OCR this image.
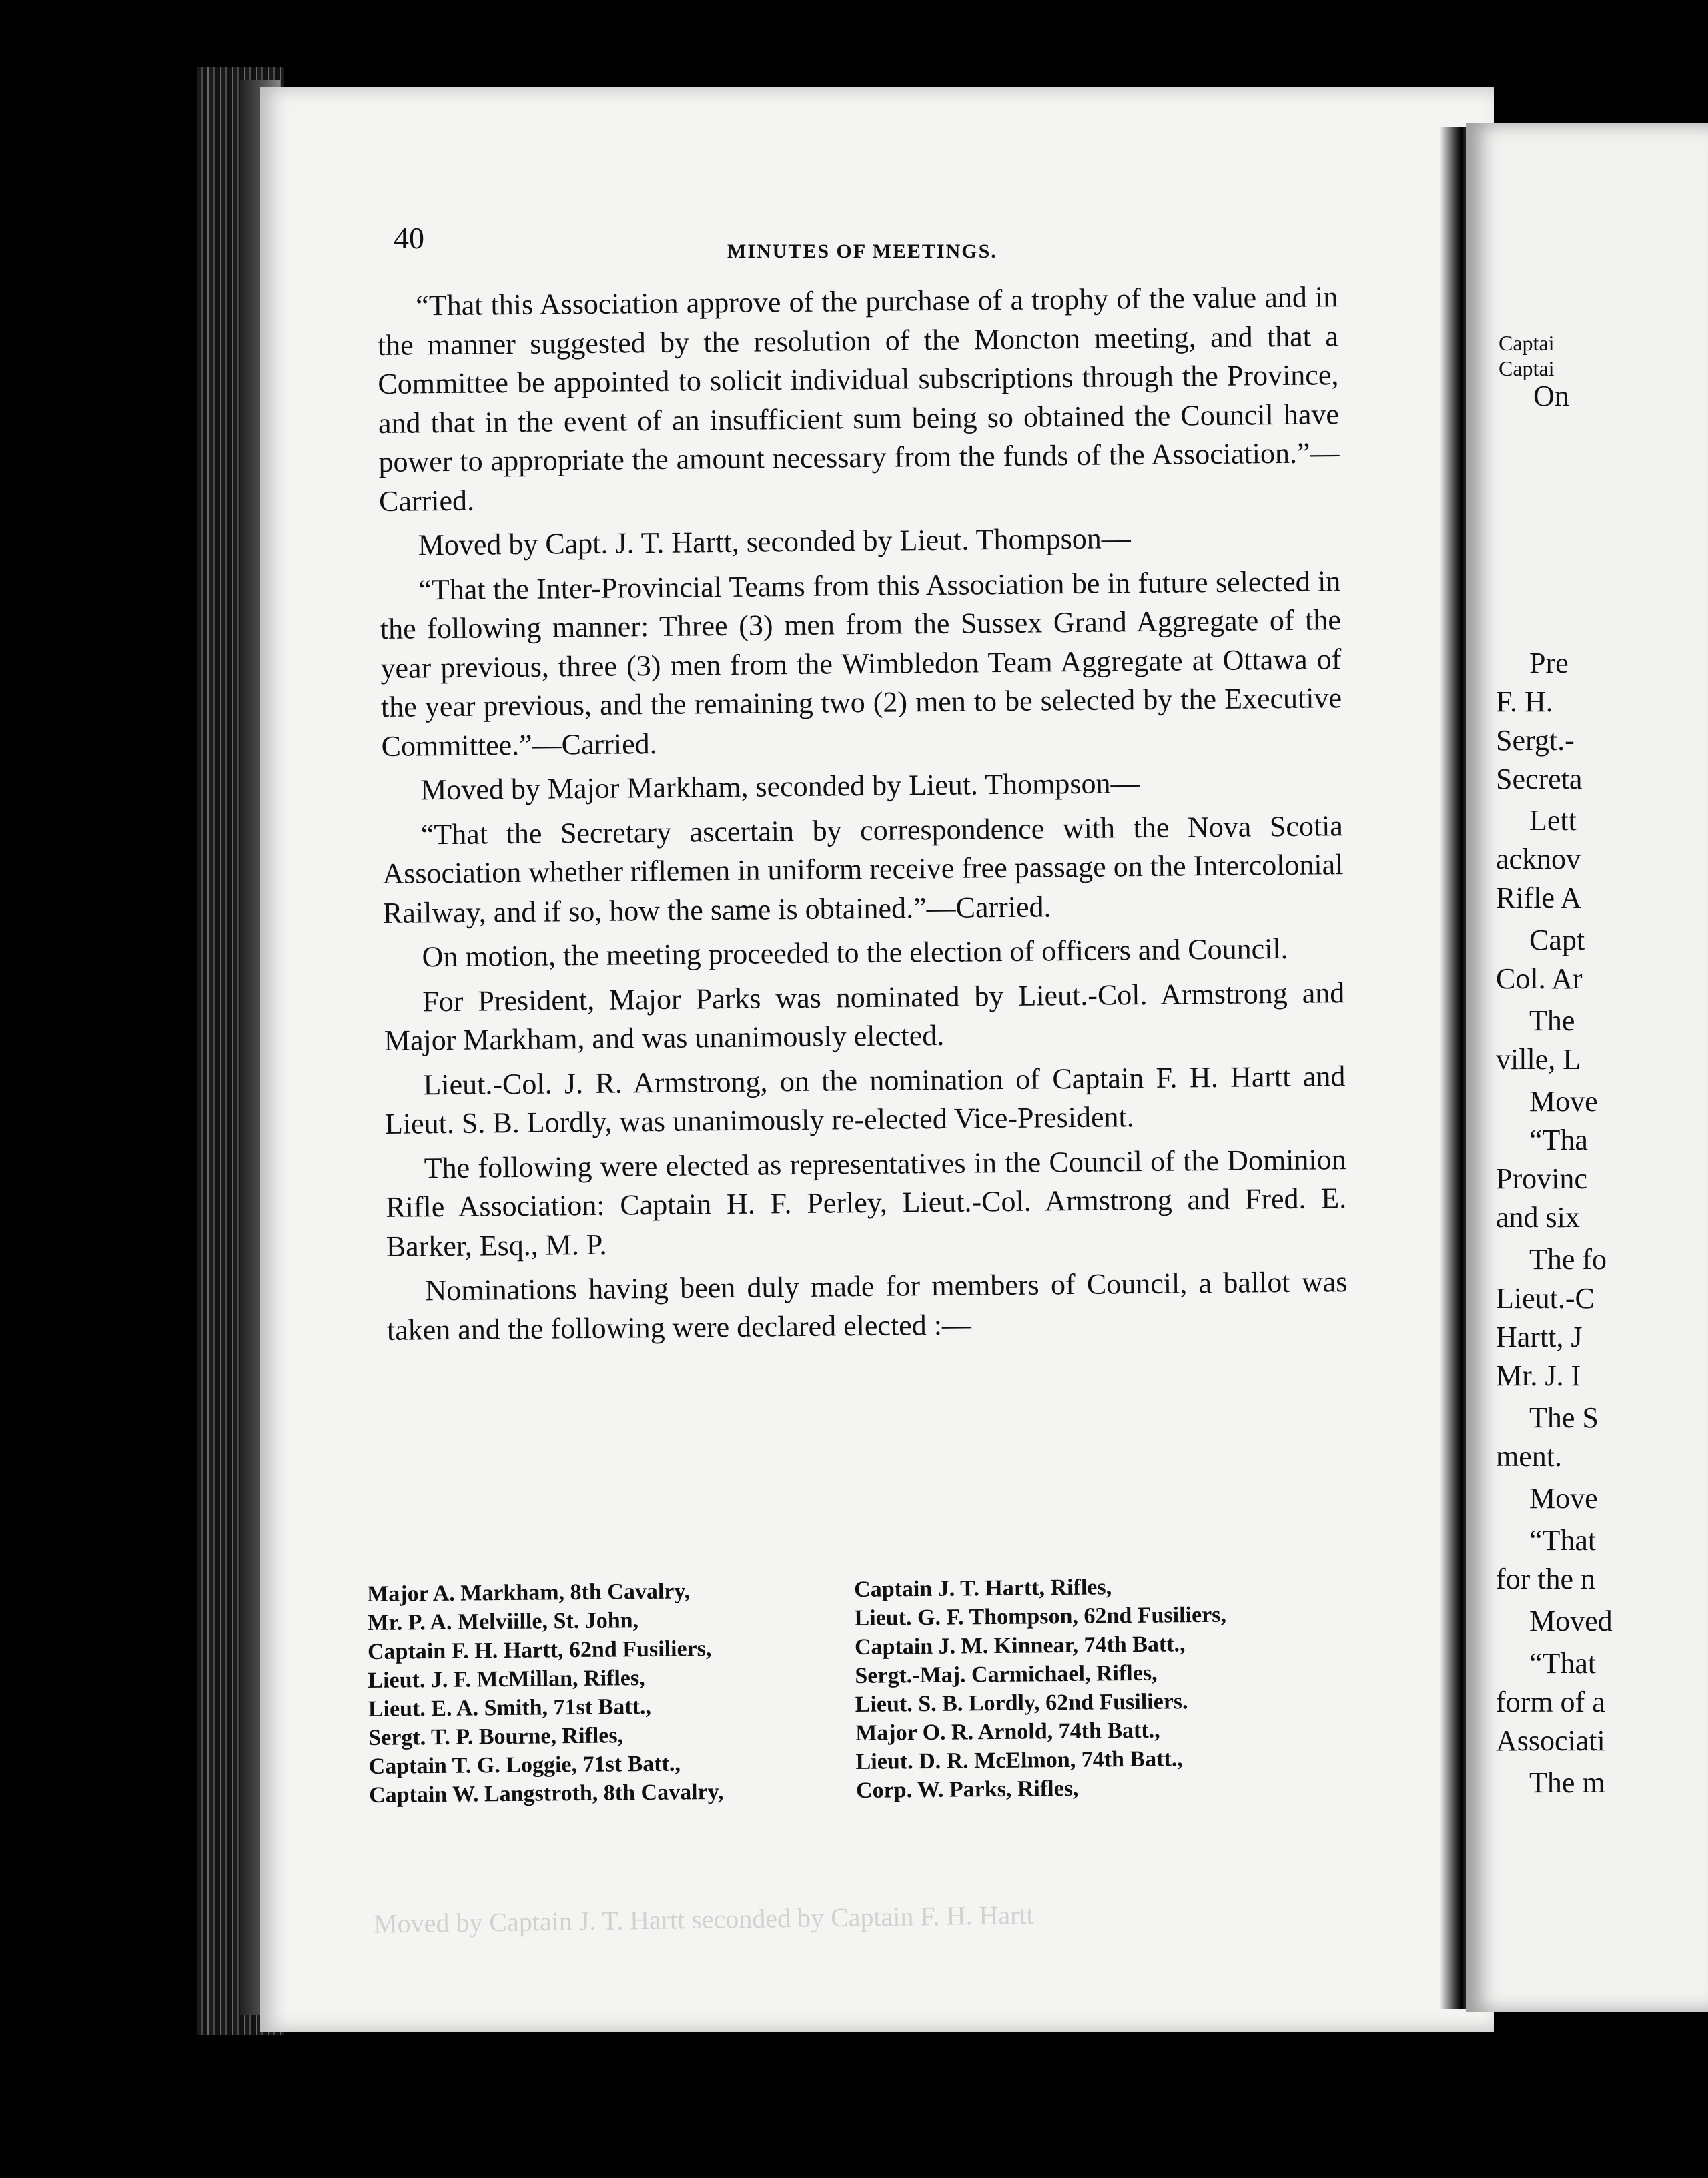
40	MINUTES OF MEETINGS.

“That this Association approve of the purchase of a trophy of the value and in the manner suggested by the resolution of the Moncton meeting, and that a Committee be appointed to solicit individual subscriptions through the Province, and that in the event of an insufficient sum being so obtained the Council have power to appropriate the amount necessary from the funds of the Association.”—Carried.

Moved by Capt. J. T. Hartt, seconded by Lieut. Thompson—

“That the Inter-Provincial Teams from this Association be in future selected in the following manner: Three (3) men from the Sussex Grand Aggregate of the year previous, three (3) men from the Wimbledon Team Aggregate at Ottawa of the year previous, and the remaining two (2) men to be selected by the Executive Committee.”—Carried.

Moved by Major Markham, seconded by Lieut. Thompson—

“That the Secretary ascertain by correspondence with the Nova Scotia Association whether riflemen in uniform receive free passage on the Intercolonial Railway, and if so, how the same is obtained.”—Carried.

On motion, the meeting proceeded to the election of officers and Council.

For President, Major Parks was nominated by Lieut.-Col. Armstrong and Major Markham, and was unanimously elected.

Lieut.-Col. J. R. Armstrong, on the nomination of Captain F. H. Hartt and Lieut. S. B. Lordly, was unanimously re-elected Vice-President.

The following were elected as representatives in the Council of the Dominion Rifle Association: Captain H. F. Perley, Lieut.-Col. Armstrong and Fred. E. Barker, Esq., M. P.

Nominations having been duly made for members of Council, a ballot was taken and the following were declared elected :—

Major A. Markham, 8th Cavalry,
Mr. P. A. Melviille, St. John,
Captain F. H. Hartt, 62nd Fusiliers,
Lieut. J. F. McMillan, Rifles,
Lieut. E. A. Smith, 71st Batt.,
Sergt. T. P. Bourne, Rifles,
Captain T. G. Loggie, 71st Batt.,
Captain W. Langstroth, 8th Cavalry,
Captain J. T. Hartt, Rifles,
Lieut. G. F. Thompson, 62nd Fusiliers,
Captain J. M. Kinnear, 74th Batt.,
Sergt.-Maj. Carmichael, Rifles,
Lieut. S. B. Lordly, 62nd Fusiliers.
Major O. R. Arnold, 74th Batt.,
Lieut. D. R. McElmon, 74th Batt.,
Corp. W. Parks, Rifles,
Moved by Captain J. T. Hartt seconded by Captain F. H. Hartt
Captai
Captai
On
Pre
F. H.
Sergt.-
Secreta
Lett
acknov
Rifle A
Capt
Col. Ar
The
ville, L
Move
“Tha
Provinc
and six
The fo
Lieut.-C
Hartt, J
Mr. J. I
The S
ment.
Move
“That
for the n
Moved
“That
form of a
Associati
The m
